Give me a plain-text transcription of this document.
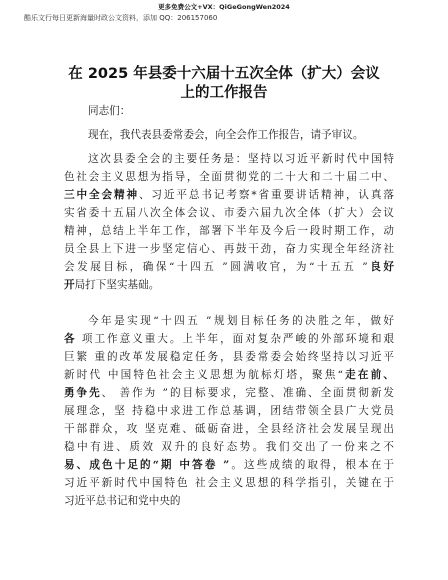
更多免费公文+VX：QiGeGongWen2024
酷乐文行每日更新海量时政公文资料，添加 QQ：206157060
在 2025 年县委十六届十五次全体（扩大）会议
上的工作报告
同志们：
现在，我代表县委常委会，向全会作工作报告，请予审议。
这次县委全会的主要任务是：坚持以习近平新时代中国特
色社会主义思想为指导，全面贯彻党的二十大和二十届二中、
三中全会精神、习近平总书记考察*省重要讲话精神，认真落
实省委十五届八次全体会议、市委六届九次全体（扩大）会议
精神，总结上半年工作，部署下半年及今后一段时期工作，动
员全县上下进一步坚定信心、再鼓干劲，奋力实现全年经济社
会发展目标，确保“十四五 ”圆满收官，为“十五五 ”良好
开局打下坚实基础。
今年是实现“十四五 ”规划目标任务的决胜之年，做好
各 项工作意义重大。上半年，面对复杂严峻的外部环境和艰
巨繁 重的改革发展稳定任务，县委常委会始终坚持以习近平
新时代 中国特色社会主义思想为航标灯塔，聚焦“走在前、
勇争先、 善作为 ”的目标要求，完整、准确、全面贯彻新发
展理念，坚 持稳中求进工作总基调，团结带领全县广大党员
干部群众，攻 坚克难、砥砺奋进，全县经济社会发展呈现出
稳中有进、质效 双升的良好态势。我们交出了一份来之不
易、成色十足的“期 中答卷 ”。这些成绩的取得，根本在于
习近平新时代中国特色 社会主义思想的科学指引，关键在于
习近平总书记和党中央的
